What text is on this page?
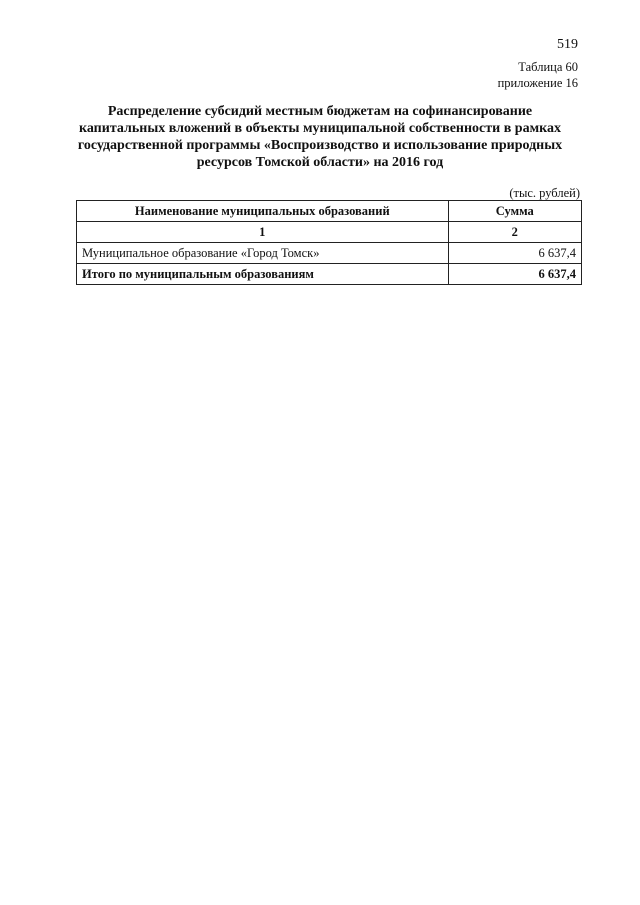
519
Таблица 60
приложение 16
Распределение субсидий местным бюджетам на софинансирование
капитальных вложений в объекты муниципальной собственности в рамках
государственной программы «Воспроизводство и использование природных
ресурсов Томской области» на 2016 год
(тыс. рублей)
Наименование муниципальных образований	Сумма
1	2
Муниципальное образование «Город Томск»	6 637,4
Итого по муниципальным образованиям	6 637,4
